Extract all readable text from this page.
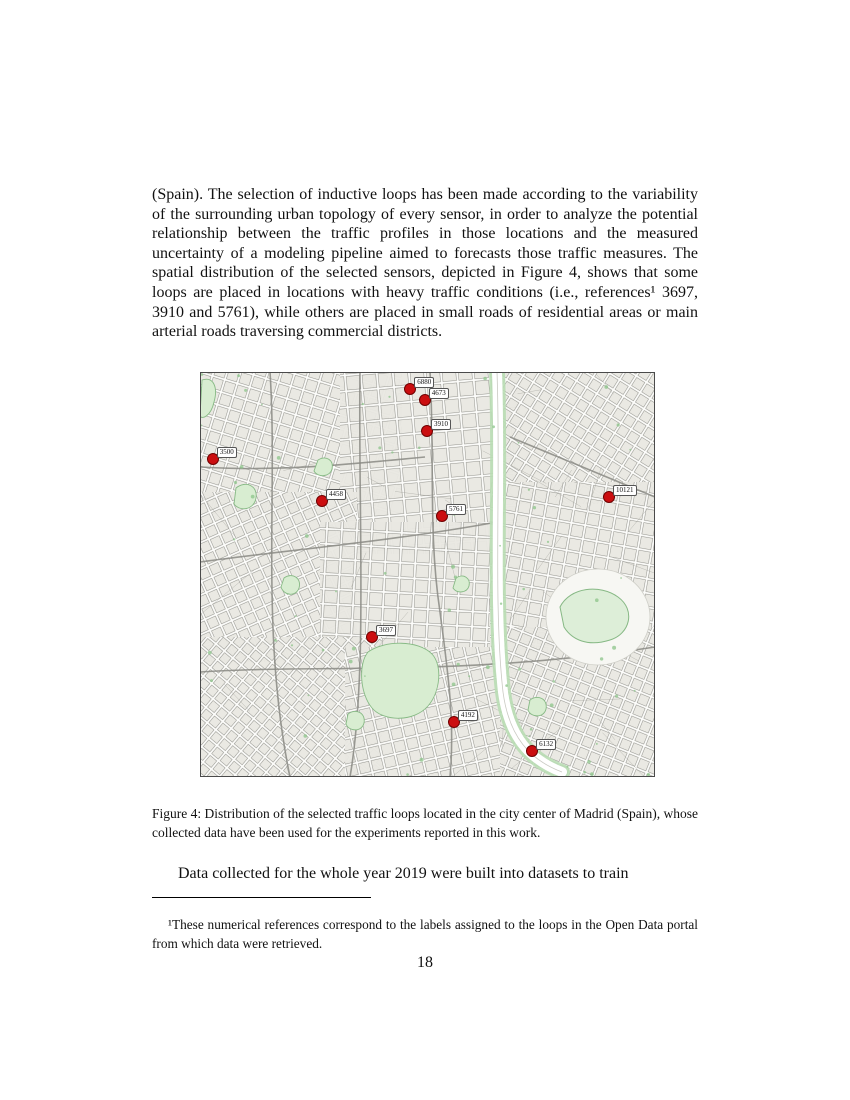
(Spain). The selection of inductive loops has been made according to the variability of the surrounding urban topology of every sensor, in order to analyze the potential relationship between the traffic profiles in those locations and the measured uncertainty of a modeling pipeline aimed to forecasts those traffic measures. The spatial distribution of the selected sensors, depicted in Figure 4, shows that some loops are placed in locations with heavy traffic conditions (i.e., references¹ 3697, 3910 and 5761), while others are placed in small roads of residential areas or main arterial roads traversing commercial districts.

6880
4673
3910
3500
4458
5761
10121
3697
4192
6132

Figure 4: Distribution of the selected traffic loops located in the city center of Madrid (Spain), whose collected data have been used for the experiments reported in this work.

Data collected for the whole year 2019 were built into datasets to train

¹These numerical references correspond to the labels assigned to the loops in the Open Data portal from which data were retrieved.

18
